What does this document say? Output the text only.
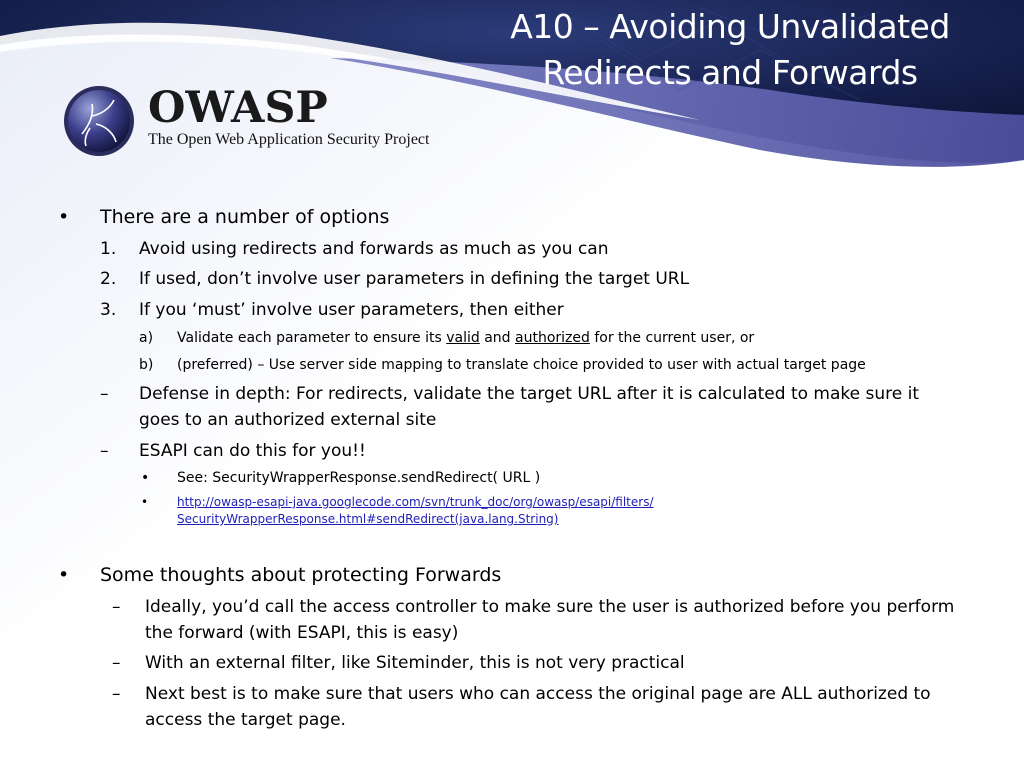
A10 – Avoiding Unvalidated Redirects and Forwards
OWASP
The Open Web Application Security Project
• There are a number of options
1. Avoid using redirects and forwards as much as you can
2. If used, don’t involve user parameters in defining the target URL
3. If you ‘must’ involve user parameters, then either
a) Validate each parameter to ensure its valid and authorized for the current user, or
b) (preferred) – Use server side mapping to translate choice provided to user with actual target page
– Defense in depth: For redirects, validate the target URL after it is calculated to make sure it
goes to an authorized external site
– ESAPI can do this for you!!
• See: SecurityWrapperResponse.sendRedirect( URL )
• http://owasp-esapi-java.googlecode.com/svn/trunk_doc/org/owasp/esapi/filters/
SecurityWrapperResponse.html#sendRedirect(java.lang.String)
• Some thoughts about protecting Forwards
– Ideally, you’d call the access controller to make sure the user is authorized before you perform
the forward (with ESAPI, this is easy)
– With an external filter, like Siteminder, this is not very practical
– Next best is to make sure that users who can access the original page are ALL authorized to
access the target page.
